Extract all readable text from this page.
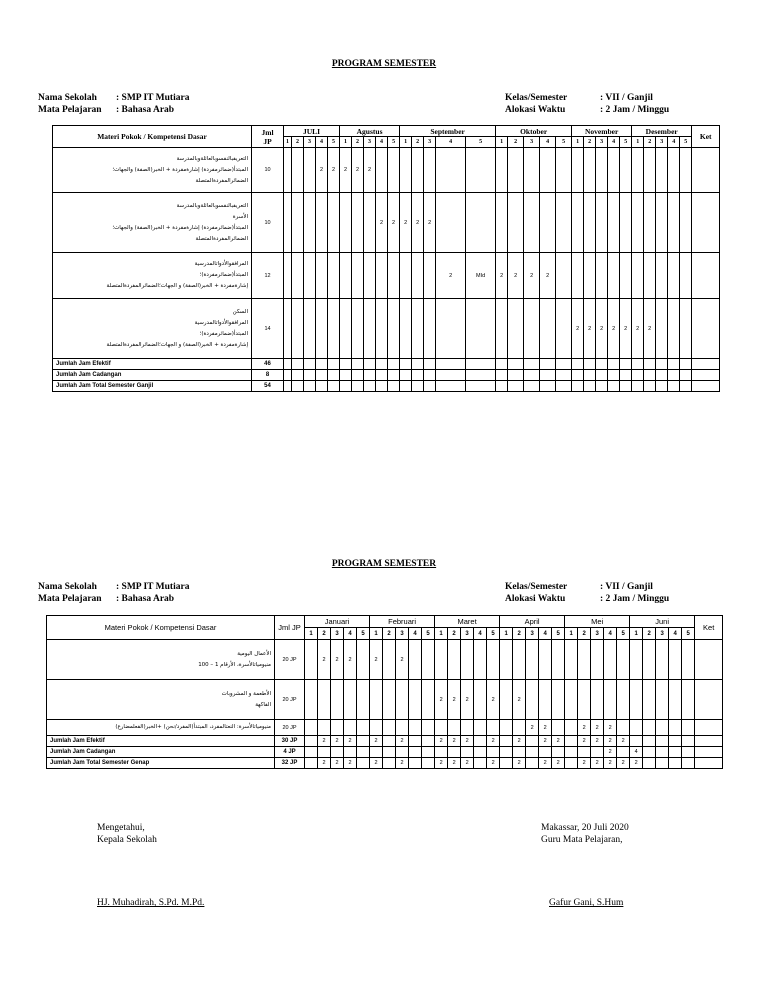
PROGRAM SEMESTER
Nama Sekolah : SMP IT Mutiara
Mata Pelajaran : Bahasa Arab
Kelas/Semester	: VII / Ganjil
Alokasi Waktu	: 2 Jam / Minggu
Materi Pokok / Kompetensi Dasar	Jml
JP	JULI					Agustus					September					Oktober					November					Desember					Ket
		1	2	3	4	5	1	2	3	4	5	1	2	3	4	5	1	2	3	4	5	1	2	3	4	5	1	2	3	4	5	

التعريفبالنفسوبالعائلةوبالمدرسة
المبتدأ(ضمائرمفردة) إشارةمفردة + الخبر(الصفة) والجهات؛
الضمائرالمفردةالمتصلة	10				2	2	2	2	2																							

التعريفبالنفسوبالعائلةوبالمدرسة
الأسرة
المبتدأ(ضمائرمفردة) إشارةمفردة + الخبر(الصفة) والجهات؛
الضمائرالمفردةالمتصلة	10									2	2	2	2	2																		

المرافقوالأدواتالمدرسية
المبتدأ(ضمائرمفردة)؛
إشارةمفردة + الخبر(الصفة) و الجهات؛الضمائرالمفردةالمتصلة	12														2	MId	2	2	2	2												

السكن
المرافقوالأدواتالمدرسية
المبتدأ(ضمائرمفردة)؛
إشارةمفردة + الخبر(الصفة) و الجهات؛الضمائرالمفردةالمتصلة	14																					2	2	2	2	2	2	2				
Jumlah Jam Efektif	46																															
Jumlah Jam Cadangan	8																															
Jumlah Jam Total Semester Ganjil	54																															
PROGRAM SEMESTER
Nama Sekolah : SMP IT Mutiara
Mata Pelajaran : Bahasa Arab
Kelas/Semester	: VII / Ganjil
Alokasi Waktu	: 2 Jam / Minggu
Materi Pokok / Kompetensi Dasar	Jml JP	Januari					Februari					Maret					April					Mei					Juni					Ket
		1	2	3	4	5	1	2	3	4	5	1	2	3	4	5	1	2	3	4	5	1	2	3	4	5	1	2	3	4	5	

الأعمال اليومية
منيومياتالأسرة، الأرقام 1 – 100	20 JP		2	2	2		2		2																							

الأطعمة و المشروبات
الفاكهة	20 JP											2	2	2		2		2														

منيومياتالأسرة: النعتالمفرد، المبتدأ(المفرد/نحن) +الخبر(الفعلمضارع)	20 JP																		2	2			2	2	2							
Jumlah Jam Efektif	30 JP		2	2	2		2		2			2	2	2		2		2		2	2		2	2	2	2						
Jumlah Jam Cadangan	4 JP																								2		4					
Jumlah Jam Total Semester Genap	32 JP		2	2	2		2		2			2	2	2		2		2		2	2		2	2	2	2	2					
Mengetahui,
Kepala Sekolah
HJ. Muhadirah, S.Pd. M.Pd.
Makassar, 20 Juli 2020
Guru Mata Pelajaran,
Gafur Gani, S.Hum
